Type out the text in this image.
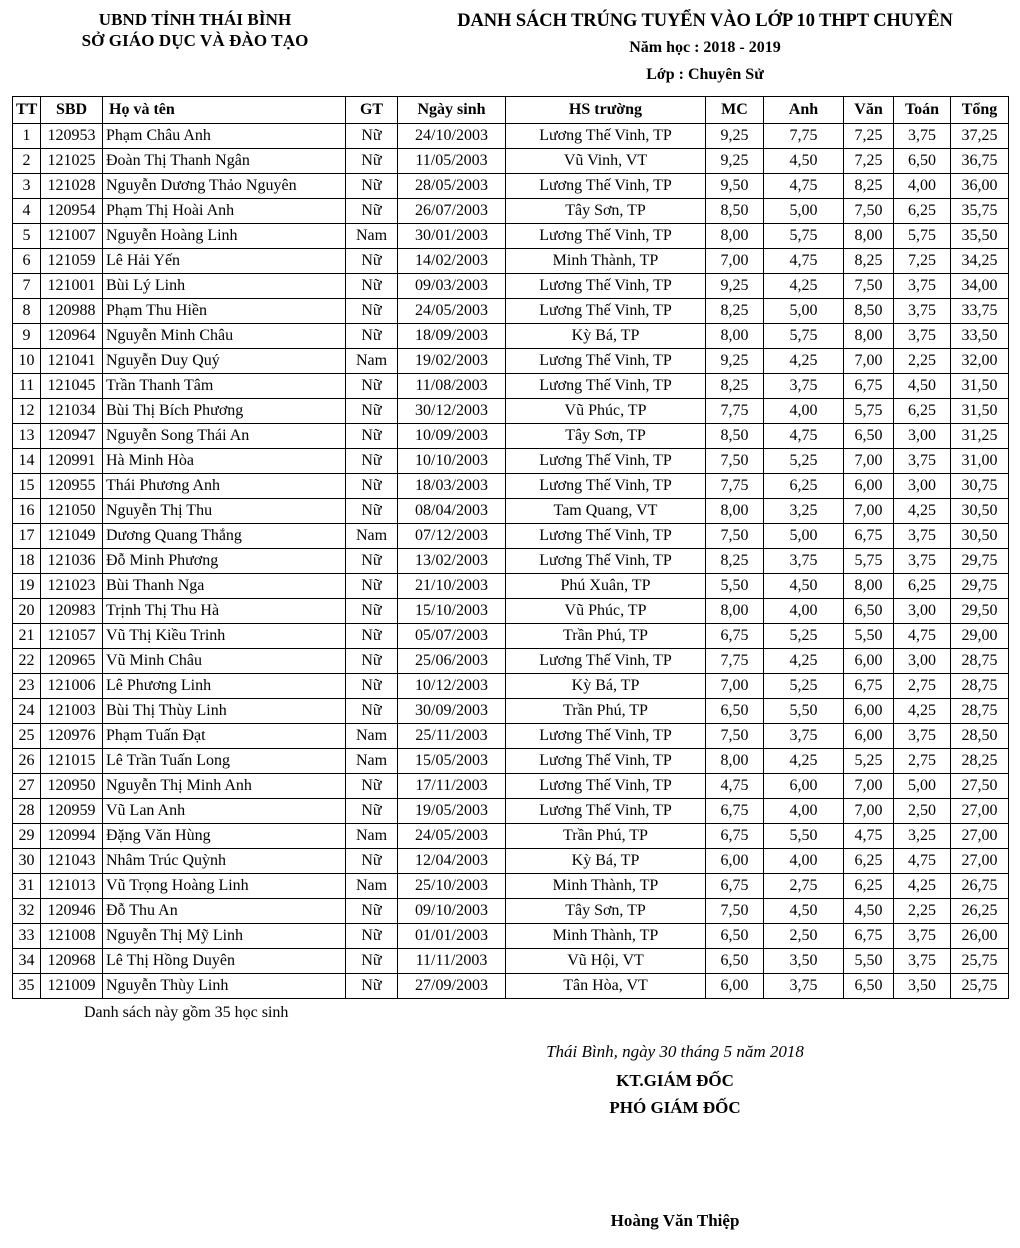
UBND TỈNH THÁI BÌNH
SỞ GIÁO DỤC VÀ ĐÀO TẠO
DANH SÁCH TRÚNG TUYỂN VÀO LỚP 10 THPT CHUYÊN
Năm học : 2018 - 2019
Lớp : Chuyên Sử
TT	SBD	Họ và tên	GT	Ngày sinh	HS trường	MC	Anh	Văn	Toán	Tổng
1	120953	Phạm Châu Anh	Nữ	24/10/2003	Lương Thế Vinh, TP	9,25	7,75	7,25	3,75	37,25
2	121025	Đoàn Thị Thanh Ngân	Nữ	11/05/2003	Vũ Vinh, VT	9,25	4,50	7,25	6,50	36,75
3	121028	Nguyễn Dương Thảo Nguyên	Nữ	28/05/2003	Lương Thế Vinh, TP	9,50	4,75	8,25	4,00	36,00
4	120954	Phạm Thị Hoài Anh	Nữ	26/07/2003	Tây Sơn, TP	8,50	5,00	7,50	6,25	35,75
5	121007	Nguyễn Hoàng Linh	Nam	30/01/2003	Lương Thế Vinh, TP	8,00	5,75	8,00	5,75	35,50
6	121059	Lê Hải Yến	Nữ	14/02/2003	Minh Thành, TP	7,00	4,75	8,25	7,25	34,25
7	121001	Bùi Lý Linh	Nữ	09/03/2003	Lương Thế Vinh, TP	9,25	4,25	7,50	3,75	34,00
8	120988	Phạm Thu Hiền	Nữ	24/05/2003	Lương Thế Vinh, TP	8,25	5,00	8,50	3,75	33,75
9	120964	Nguyễn Minh Châu	Nữ	18/09/2003	Kỳ Bá, TP	8,00	5,75	8,00	3,75	33,50
10	121041	Nguyễn Duy Quý	Nam	19/02/2003	Lương Thế Vinh, TP	9,25	4,25	7,00	2,25	32,00
11	121045	Trần Thanh Tâm	Nữ	11/08/2003	Lương Thế Vinh, TP	8,25	3,75	6,75	4,50	31,50
12	121034	Bùi Thị Bích Phương	Nữ	30/12/2003	Vũ Phúc, TP	7,75	4,00	5,75	6,25	31,50
13	120947	Nguyễn Song Thái An	Nữ	10/09/2003	Tây Sơn, TP	8,50	4,75	6,50	3,00	31,25
14	120991	Hà Minh Hòa	Nữ	10/10/2003	Lương Thế Vinh, TP	7,50	5,25	7,00	3,75	31,00
15	120955	Thái Phương Anh	Nữ	18/03/2003	Lương Thế Vinh, TP	7,75	6,25	6,00	3,00	30,75
16	121050	Nguyễn Thị Thu	Nữ	08/04/2003	Tam Quang, VT	8,00	3,25	7,00	4,25	30,50
17	121049	Dương Quang Thắng	Nam	07/12/2003	Lương Thế Vinh, TP	7,50	5,00	6,75	3,75	30,50
18	121036	Đỗ Minh Phương	Nữ	13/02/2003	Lương Thế Vinh, TP	8,25	3,75	5,75	3,75	29,75
19	121023	Bùi Thanh Nga	Nữ	21/10/2003	Phú Xuân, TP	5,50	4,50	8,00	6,25	29,75
20	120983	Trịnh Thị Thu Hà	Nữ	15/10/2003	Vũ Phúc, TP	8,00	4,00	6,50	3,00	29,50
21	121057	Vũ Thị Kiều Trinh	Nữ	05/07/2003	Trần Phú, TP	6,75	5,25	5,50	4,75	29,00
22	120965	Vũ Minh Châu	Nữ	25/06/2003	Lương Thế Vinh, TP	7,75	4,25	6,00	3,00	28,75
23	121006	Lê Phương Linh	Nữ	10/12/2003	Kỳ Bá, TP	7,00	5,25	6,75	2,75	28,75
24	121003	Bùi Thị Thùy Linh	Nữ	30/09/2003	Trần Phú, TP	6,50	5,50	6,00	4,25	28,75
25	120976	Phạm Tuấn Đạt	Nam	25/11/2003	Lương Thế Vinh, TP	7,50	3,75	6,00	3,75	28,50
26	121015	Lê Trần Tuấn Long	Nam	15/05/2003	Lương Thế Vinh, TP	8,00	4,25	5,25	2,75	28,25
27	120950	Nguyễn Thị Minh Anh	Nữ	17/11/2003	Lương Thế Vinh, TP	4,75	6,00	7,00	5,00	27,50
28	120959	Vũ Lan Anh	Nữ	19/05/2003	Lương Thế Vinh, TP	6,75	4,00	7,00	2,50	27,00
29	120994	Đặng Văn Hùng	Nam	24/05/2003	Trần Phú, TP	6,75	5,50	4,75	3,25	27,00
30	121043	Nhâm Trúc Quỳnh	Nữ	12/04/2003	Kỳ Bá, TP	6,00	4,00	6,25	4,75	27,00
31	121013	Vũ Trọng Hoàng Linh	Nam	25/10/2003	Minh Thành, TP	6,75	2,75	6,25	4,25	26,75
32	120946	Đỗ Thu An	Nữ	09/10/2003	Tây Sơn, TP	7,50	4,50	4,50	2,25	26,25
33	121008	Nguyễn Thị Mỹ Linh	Nữ	01/01/2003	Minh Thành, TP	6,50	2,50	6,75	3,75	26,00
34	120968	Lê Thị Hồng Duyên	Nữ	11/11/2003	Vũ Hội, VT	6,50	3,50	5,50	3,75	25,75
35	121009	Nguyễn Thùy Linh	Nữ	27/09/2003	Tân Hòa, VT	6,00	3,75	6,50	3,50	25,75
Danh sách này gồm 35 học sinh
Thái Bình, ngày 30 tháng 5 năm 2018
KT.GIÁM ĐỐC
PHÓ GIÁM ĐỐC
Hoàng Văn Thiệp
